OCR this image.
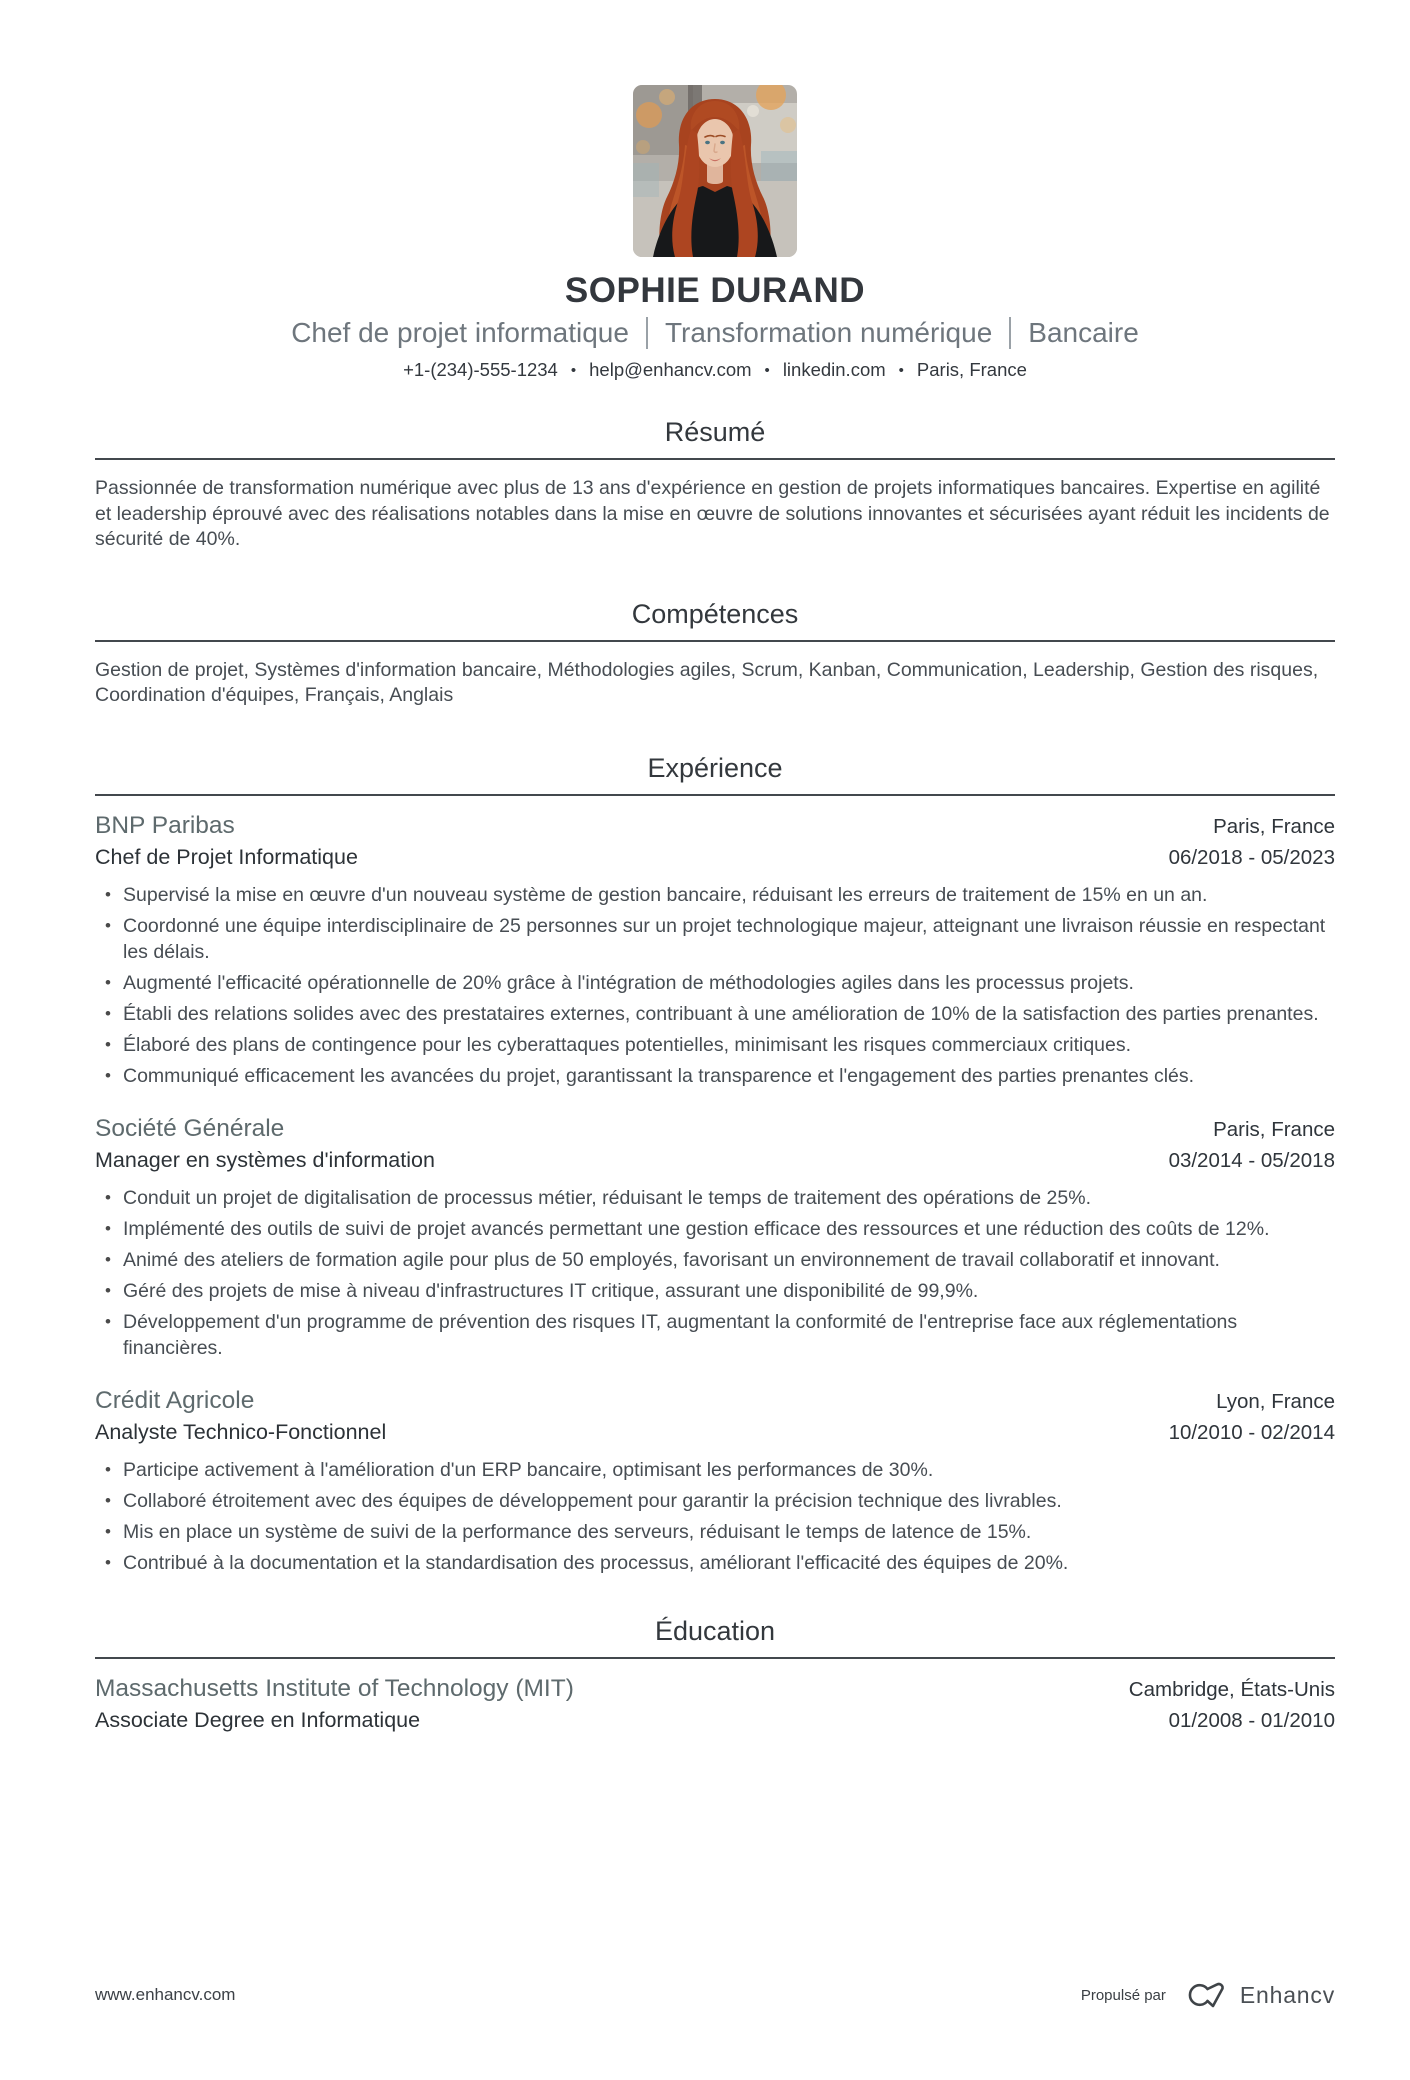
SOPHIE DURAND
Chef de projet informatique Transformation numérique Bancaire
+1-(234)-555-1234 • help@enhancv.com • linkedin.com • Paris, France
Résumé

Passionnée de transformation numérique avec plus de 13 ans d'expérience en gestion de projets informatiques bancaires. Expertise en agilité et leadership éprouvé avec des réalisations notables dans la mise en œuvre de solutions innovantes et sécurisées ayant réduit les incidents de sécurité de 40%.

Compétences

Gestion de projet, Systèmes d'information bancaire, Méthodologies agiles, Scrum, Kanban, Communication, Leadership, Gestion des risques, Coordination d'équipes, Français, Anglais

Expérience
BNP Paribas	Paris, France
Chef de Projet Informatique	06/2018 - 05/2023
• Supervisé la mise en œuvre d'un nouveau système de gestion bancaire, réduisant les erreurs de traitement de 15% en un an.
• Coordonné une équipe interdisciplinaire de 25 personnes sur un projet technologique majeur, atteignant une livraison réussie en respectant les délais.
• Augmenté l'efficacité opérationnelle de 20% grâce à l'intégration de méthodologies agiles dans les processus projets.
• Établi des relations solides avec des prestataires externes, contribuant à une amélioration de 10% de la satisfaction des parties prenantes.
• Élaboré des plans de contingence pour les cyberattaques potentielles, minimisant les risques commerciaux critiques.
• Communiqué efficacement les avancées du projet, garantissant la transparence et l'engagement des parties prenantes clés.
Société Générale	Paris, France
Manager en systèmes d'information	03/2014 - 05/2018
• Conduit un projet de digitalisation de processus métier, réduisant le temps de traitement des opérations de 25%.
• Implémenté des outils de suivi de projet avancés permettant une gestion efficace des ressources et une réduction des coûts de 12%.
• Animé des ateliers de formation agile pour plus de 50 employés, favorisant un environnement de travail collaboratif et innovant.
• Géré des projets de mise à niveau d'infrastructures IT critique, assurant une disponibilité de 99,9%.
• Développement d'un programme de prévention des risques IT, augmentant la conformité de l'entreprise face aux réglementations financières.
Crédit Agricole	Lyon, France
Analyste Technico-Fonctionnel	10/2010 - 02/2014
• Participe activement à l'amélioration d'un ERP bancaire, optimisant les performances de 30%.
• Collaboré étroitement avec des équipes de développement pour garantir la précision technique des livrables.
• Mis en place un système de suivi de la performance des serveurs, réduisant le temps de latence de 15%.
• Contribué à la documentation et la standardisation des processus, améliorant l'efficacité des équipes de 20%.
Éducation
Massachusetts Institute of Technology (MIT)	Cambridge, États-Unis
Associate Degree en Informatique	01/2008 - 01/2010
www.enhancv.com	Propulsé par	Enhancv
